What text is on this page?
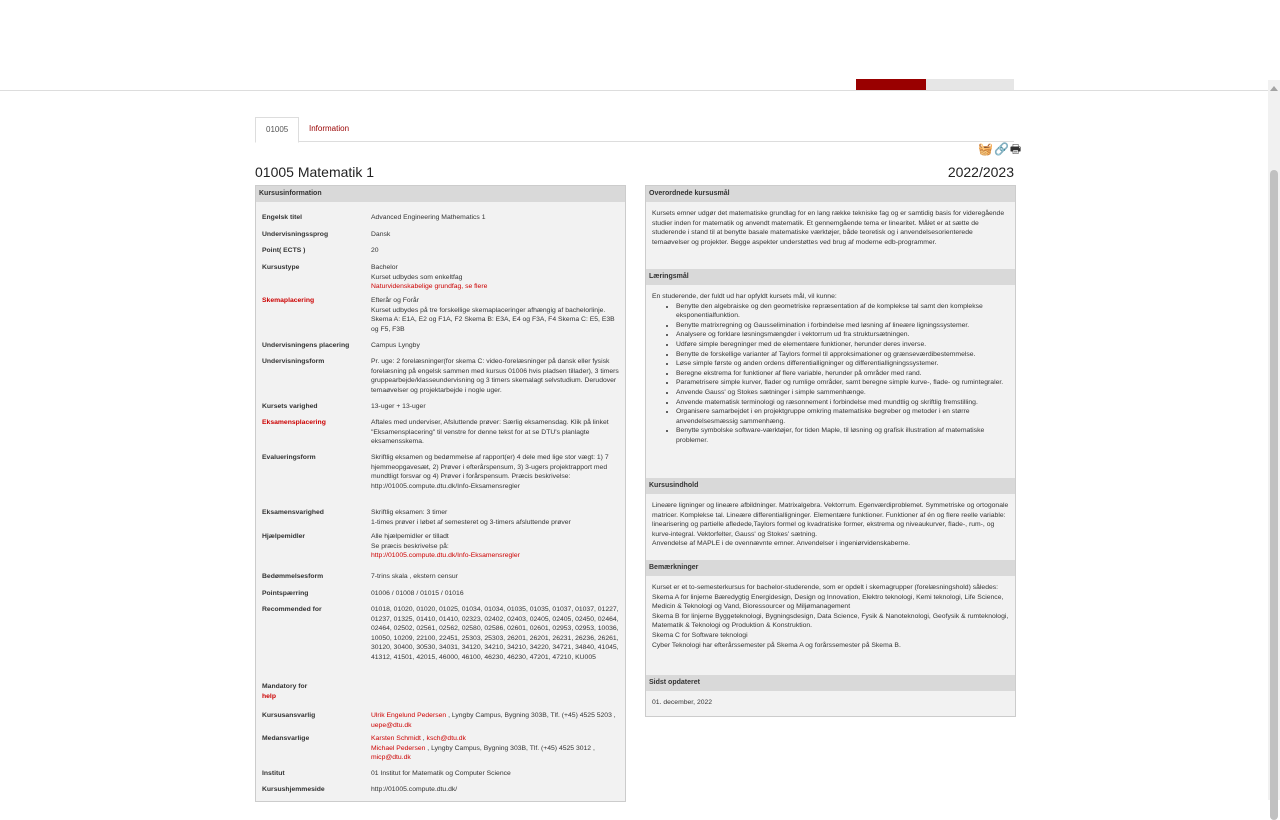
01005	Information
🧺🔗🖶
01005 Matematik 1	2022/2023
Kursusinformation
Engelsk titel	Advanced Engineering Mathematics 1
Undervisningssprog	Dansk
Point( ECTS )	20
Kursustype	Bachelor
Kurset udbydes som enkeltfag
Naturvidenskabelige grundfag, se flere
Skemaplacering	Efterår og Forår
Kurset udbydes på tre forskellige skemaplaceringer afhængig af bachelorlinje. Skema A: E1A, E2 og F1A, F2 Skema B: E3A, E4 og F3A, F4 Skema C: E5, E3B og F5, F3B
Undervisningens placering	Campus Lyngby
Undervisningsform	Pr. uge: 2 forelæsninger(for skema C: video-forelæsninger på dansk eller fysisk forelæsning på engelsk sammen med kursus 01006 hvis pladsen tillader), 3 timers gruppearbejde/klasseundervisning og 3 timers skemalagt selvstudium. Derudover temaøvelser og projektarbejde i nogle uger.
Kursets varighed	13-uger + 13-uger
Eksamensplacering	Aftales med underviser, Afsluttende prøver: Særlig eksamensdag. Klik på linket "Eksamensplacering" til venstre for denne tekst for at se DTU's planlagte eksamensskema.
Evalueringsform	Skriftlig eksamen og bedømmelse af rapport(er) 4 dele med lige stor vægt: 1) 7 hjemmeopgavesæt, 2) Prøver i efterårspensum, 3) 3-ugers projektrapport med mundtligt forsvar og 4) Prøver i forårspensum. Præcis beskrivelse: http://01005.compute.dtu.dk/Info-Eksamensregler
Eksamensvarighed	Skriftlig eksamen: 3 timer
1-times prøver i løbet af semesteret og 3-timers afsluttende prøver
Hjælpemidler	Alle hjælpemidler er tilladt
Se præcis beskrivelse på:
http://01005.compute.dtu.dk/Info-Eksamensregler
Bedømmelsesform	7-trins skala , ekstern censur
Pointspærring	01006 / 01008 / 01015 / 01016
Recommended for	01018, 01020, 01020, 01025, 01034, 01034, 01035, 01035, 01037, 01037, 01227, 01237, 01325, 01410, 01410, 02323, 02402, 02403, 02405, 02405, 02450, 02464, 02464, 02502, 02561, 02562, 02580, 02586, 02601, 02601, 02953, 02953, 10036, 10050, 10209, 22100, 22451, 25303, 25303, 26201, 26201, 26231, 26236, 26261, 30120, 30400, 30530, 34031, 34120, 34210, 34210, 34220, 34721, 34840, 41045, 41312, 41501, 42015, 46000, 46100, 46230, 46230, 47201, 47210, KU005
Mandatory for
help
Kursusansvarlig	Ulrik Engelund Pedersen , Lyngby Campus, Bygning 303B, Tlf. (+45) 4525 5203 , uepe@dtu.dk
Medansvarlige	Karsten Schmidt , ksch@dtu.dk
Michael Pedersen , Lyngby Campus, Bygning 303B, Tlf. (+45) 4525 3012 , micp@dtu.dk
Institut	01 Institut for Matematik og Computer Science
Kursushjemmeside	http://01005.compute.dtu.dk/
Overordnede kursusmål
Kursets emner udgør det matematiske grundlag for en lang række tekniske fag og er samtidig basis for videregående studier inden for matematik og anvendt matematik. Et gennemgående tema er linearitet. Målet er at sætte de studerende i stand til at benytte basale matematiske værktøjer, både teoretisk og i anvendelsesorienterede temaøvelser og projekter. Begge aspekter understøttes ved brug af moderne edb-programmer.
Læringsmål
En studerende, der fuldt ud har opfyldt kursets mål, vil kunne:
• Benytte den algebraiske og den geometriske repræsentation af de komplekse tal samt den komplekse eksponentialfunktion.
• Benytte matrixregning og Gausselimination i forbindelse med løsning af lineære ligningssystemer.
• Analysere og forklare løsningsmængder i vektorrum ud fra struktursætningen.
• Udføre simple beregninger med de elementære funktioner, herunder deres inverse.
• Benytte de forskellige varianter af Taylors formel til approksimationer og grænseværdibestemmelse.
• Løse simple første og anden ordens differentialligninger og differentialligningssystemer.
• Beregne ekstrema for funktioner af flere variable, herunder på områder med rand.
• Parametrisere simple kurver, flader og rumlige områder, samt beregne simple kurve-, flade- og rumintegraler.
• Anvende Gauss' og Stokes sætninger i simple sammenhænge.
• Anvende matematisk terminologi og ræsonnement i forbindelse med mundtlig og skriftlig fremstilling.
• Organisere samarbejdet i en projektgruppe omkring matematiske begreber og metoder i en større anvendelsesmæssig sammenhæng.
• Benytte symbolske software-værktøjer, for tiden Maple, til løsning og grafisk illustration af matematiske problemer.
Kursusindhold
Lineære ligninger og lineære afbildninger. Matrixalgebra. Vektorrum. Egenværdiproblemet. Symmetriske og ortogonale matricer. Komplekse tal. Lineære differentialligninger. Elementære funktioner. Funktioner af én og flere reelle variable: linearisering og partielle afledede,Taylors formel og kvadratiske former, ekstrema og niveaukurver, flade-, rum-, og kurve-integral. Vektorfelter, Gauss' og Stokes' sætning.
Anvendelse af MAPLE i de ovennævnte emner. Anvendelser i ingeniørvidenskaberne.
Bemærkninger
Kurset er et to-semesterkursus for bachelor-studerende, som er opdelt i skemagrupper (forelæsningshold) således:
Skema A for linjerne Bæredygtig Energidesign, Design og Innovation, Elektro teknologi, Kemi teknologi, Life Science, Medicin & Teknologi og Vand, Bioressourcer og Miljømanagement
Skema B for linjerne Byggeteknologi, Bygningsdesign, Data Science, Fysik & Nanoteknologi, Geofysik & rumteknologi, Matematik & Teknologi og Produktion & Konstruktion.
Skema C for Software teknologi
Cyber Teknologi har efterårssemester på Skema A og forårssemester på Skema B.
Sidst opdateret
01. december, 2022
